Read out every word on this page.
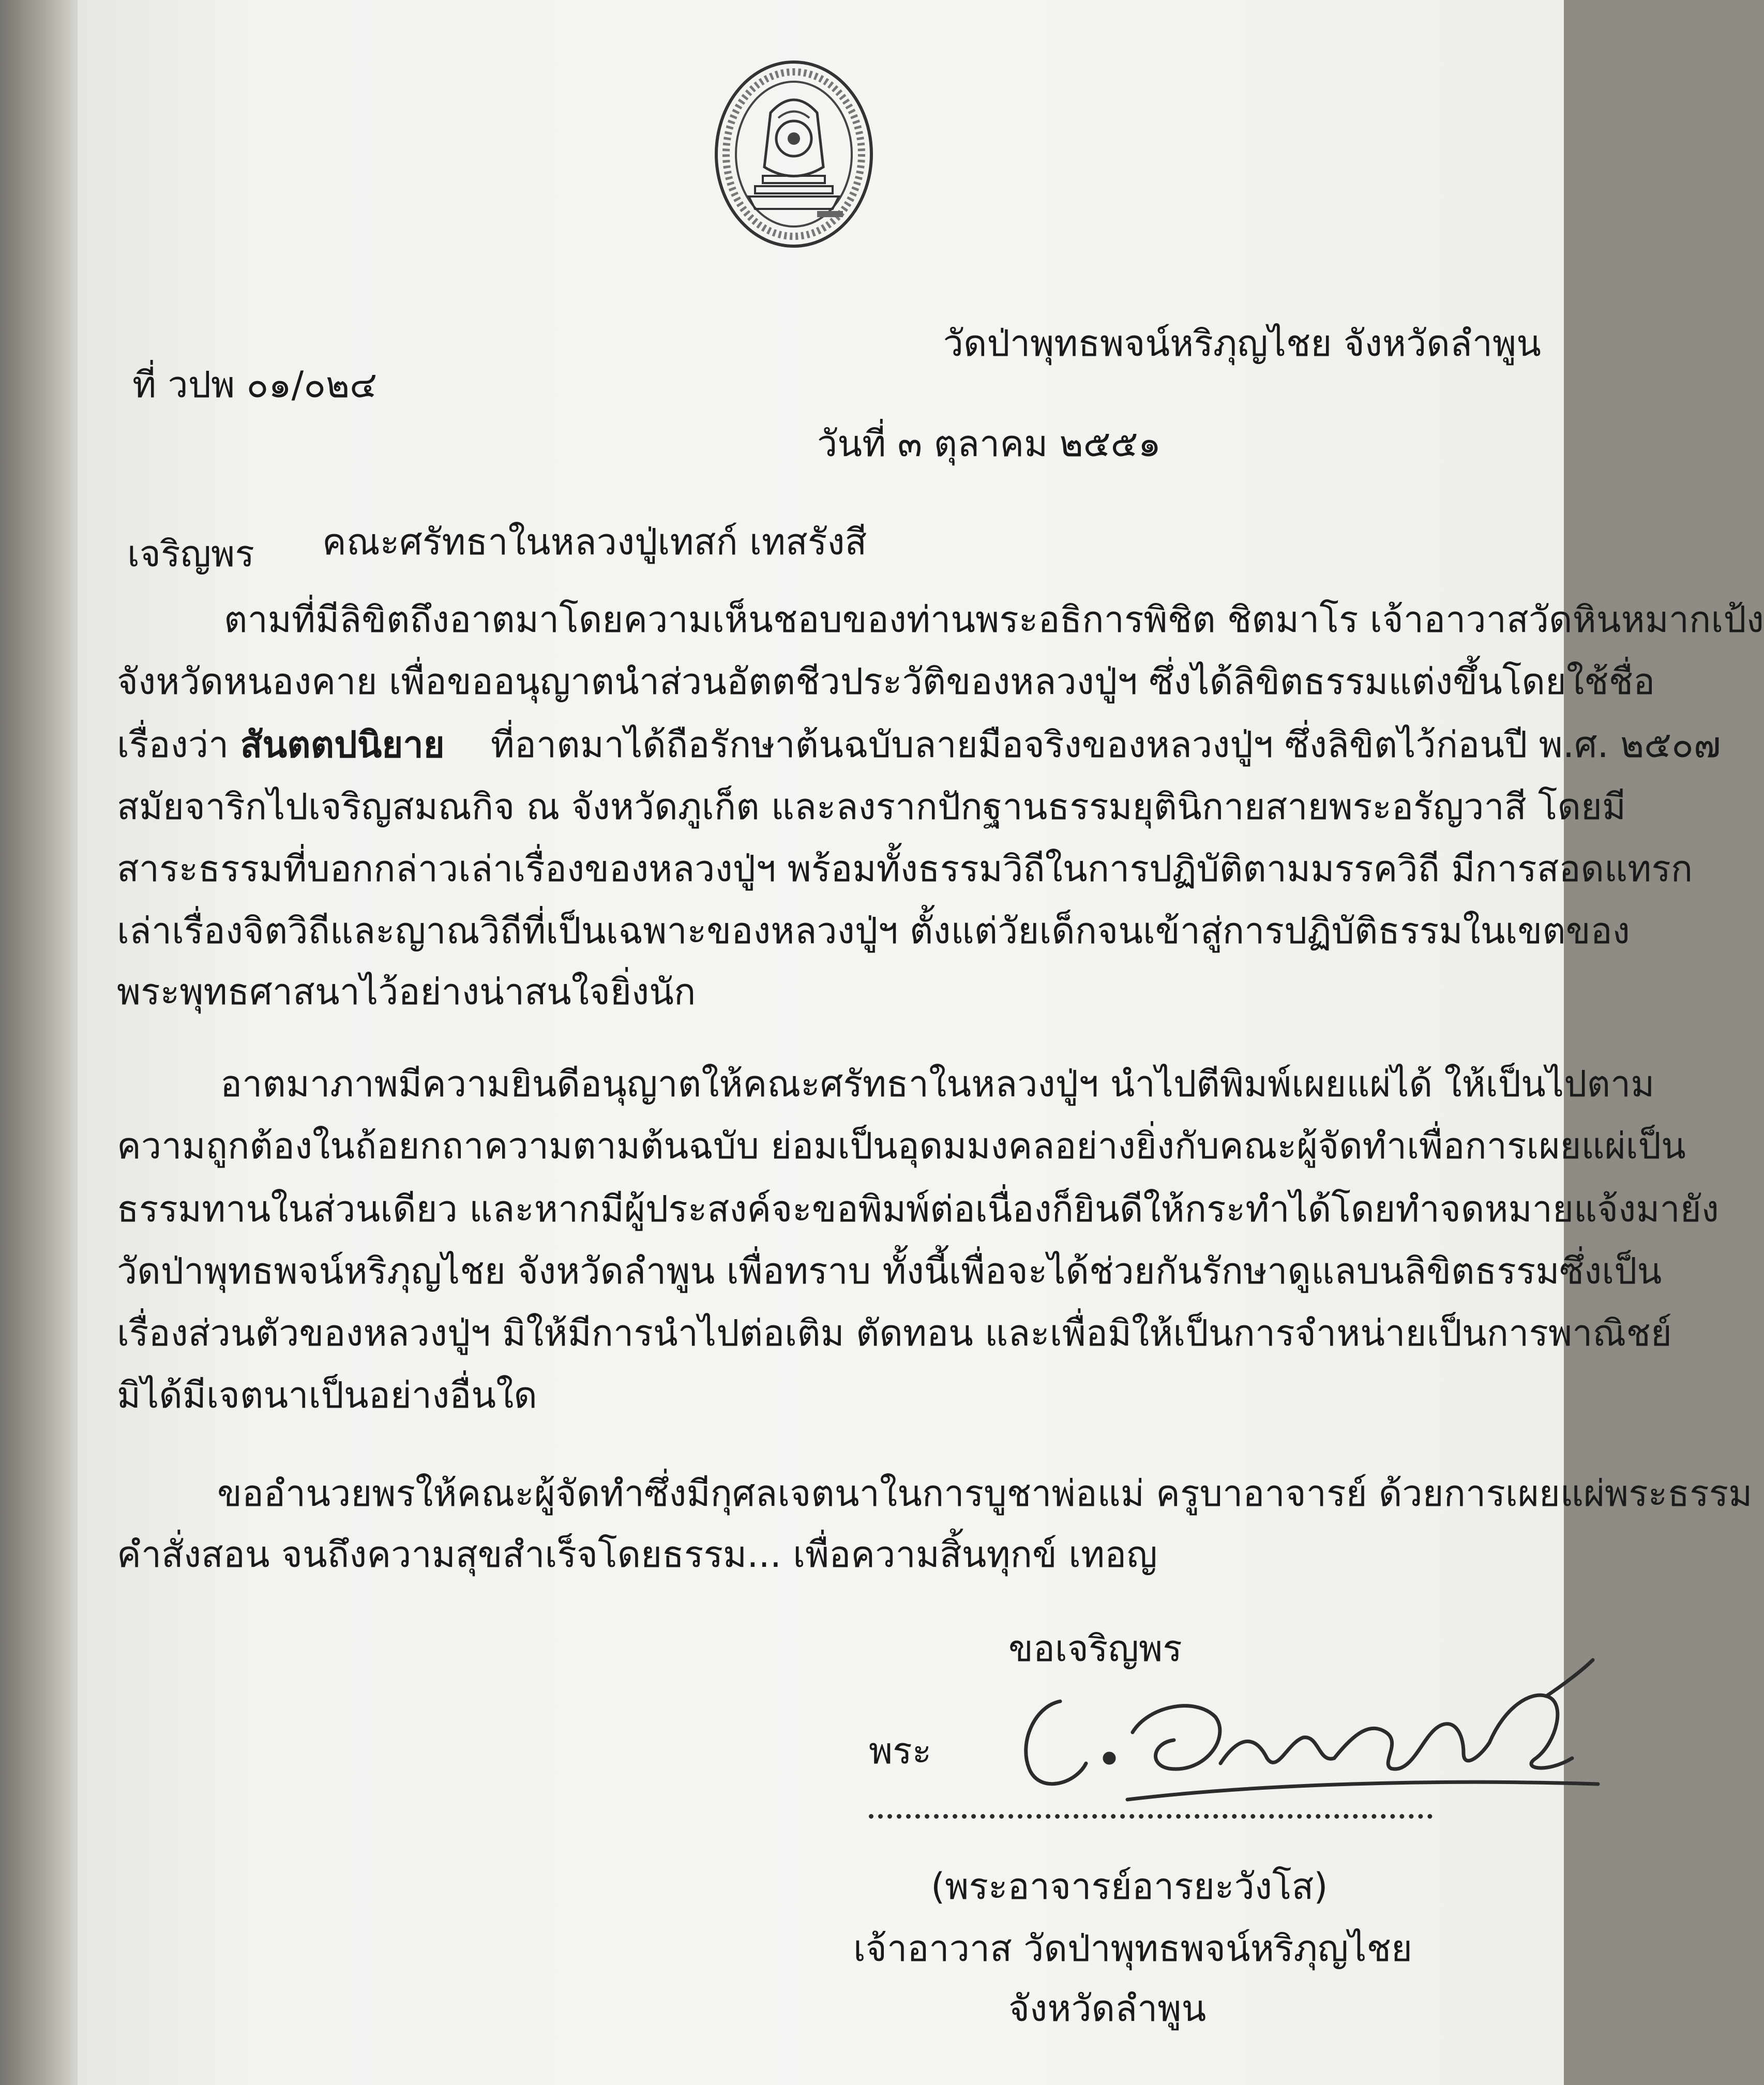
วัดป่าพุทธพจน์หริภุญไชย จังหวัดลำพูน
ที่ วปพ ๐๑/๐๒๔
วันที่ ๓ ตุลาคม ๒๕๕๑
เจริญพร คณะศรัทธาในหลวงปู่เทสก์ เทสรังสี
ตามที่มีลิขิตถึงอาตมาโดยความเห็นชอบของท่านพระอธิการพิชิต ชิตมาโร เจ้าอาวาสวัดหินหมากเป้ง
จังหวัดหนองคาย เพื่อขออนุญาตนำส่วนอัตตชีวประวัติของหลวงปู่ฯ ซึ่งได้ลิขิตธรรมแต่งขึ้นโดยใช้ชื่อ
เรื่องว่า สันตตปนิยาย ที่อาตมาได้ถือรักษาต้นฉบับลายมือจริงของหลวงปู่ฯ ซึ่งลิขิตไว้ก่อนปี พ.ศ. ๒๕๐๗
สมัยจาริกไปเจริญสมณกิจ ณ จังหวัดภูเก็ต และลงรากปักฐานธรรมยุตินิกายสายพระอรัญวาสี โดยมี
สาระธรรมที่บอกกล่าวเล่าเรื่องของหลวงปู่ฯ พร้อมทั้งธรรมวิถีในการปฏิบัติตามมรรควิถี มีการสอดแทรก
เล่าเรื่องจิตวิถีและญาณวิถีที่เป็นเฉพาะของหลวงปู่ฯ ตั้งแต่วัยเด็กจนเข้าสู่การปฏิบัติธรรมในเขตของ
พระพุทธศาสนาไว้อย่างน่าสนใจยิ่งนัก
อาตมาภาพมีความยินดีอนุญาตให้คณะศรัทธาในหลวงปู่ฯ นำไปตีพิมพ์เผยแผ่ได้ ให้เป็นไปตาม
ความถูกต้องในถ้อยกถาความตามต้นฉบับ ย่อมเป็นอุดมมงคลอย่างยิ่งกับคณะผู้จัดทำเพื่อการเผยแผ่เป็น
ธรรมทานในส่วนเดียว และหากมีผู้ประสงค์จะขอพิมพ์ต่อเนื่องก็ยินดีให้กระทำได้โดยทำจดหมายแจ้งมายัง
วัดป่าพุทธพจน์หริภุญไชย จังหวัดลำพูน เพื่อทราบ ทั้งนี้เพื่อจะได้ช่วยกันรักษาดูแลบนลิขิตธรรมซึ่งเป็น
เรื่องส่วนตัวของหลวงปู่ฯ มิให้มีการนำไปต่อเติม ตัดทอน และเพื่อมิให้เป็นการจำหน่ายเป็นการพาณิชย์
มิได้มีเจตนาเป็นอย่างอื่นใด
ขออำนวยพรให้คณะผู้จัดทำซึ่งมีกุศลเจตนาในการบูชาพ่อแม่ ครูบาอาจารย์ ด้วยการเผยแผ่พระธรรม
คำสั่งสอน จนถึงความสุขสำเร็จโดยธรรม... เพื่อความสิ้นทุกข์ เทอญ
ขอเจริญพร
พระ
(พระอาจารย์อารยะวังโส)
เจ้าอาวาส วัดป่าพุทธพจน์หริภุญไชย
จังหวัดลำพูน
